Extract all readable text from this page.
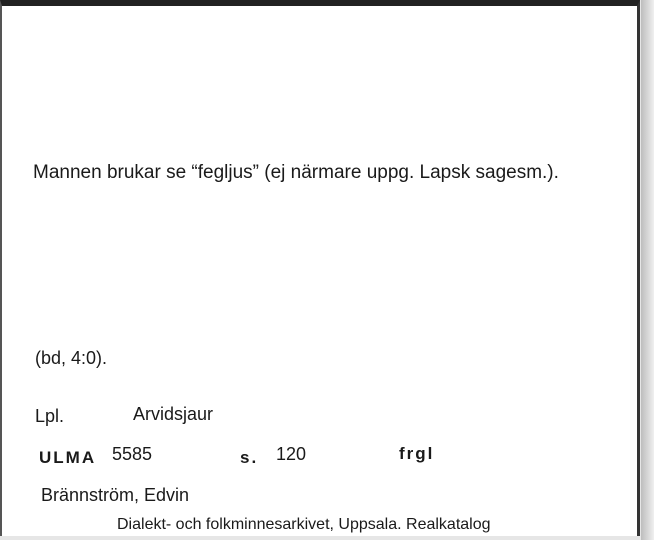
Mannen brukar se “fegljus” (ej närmare uppg. Lapsk sagesm.).
(bd, 4:0).
Lpl.	Arvidsjaur
ULMA 5585	s. 120	frgl
Brännström, Edvin
Dialekt- och folkminnesarkivet, Uppsala. Realkatalog
